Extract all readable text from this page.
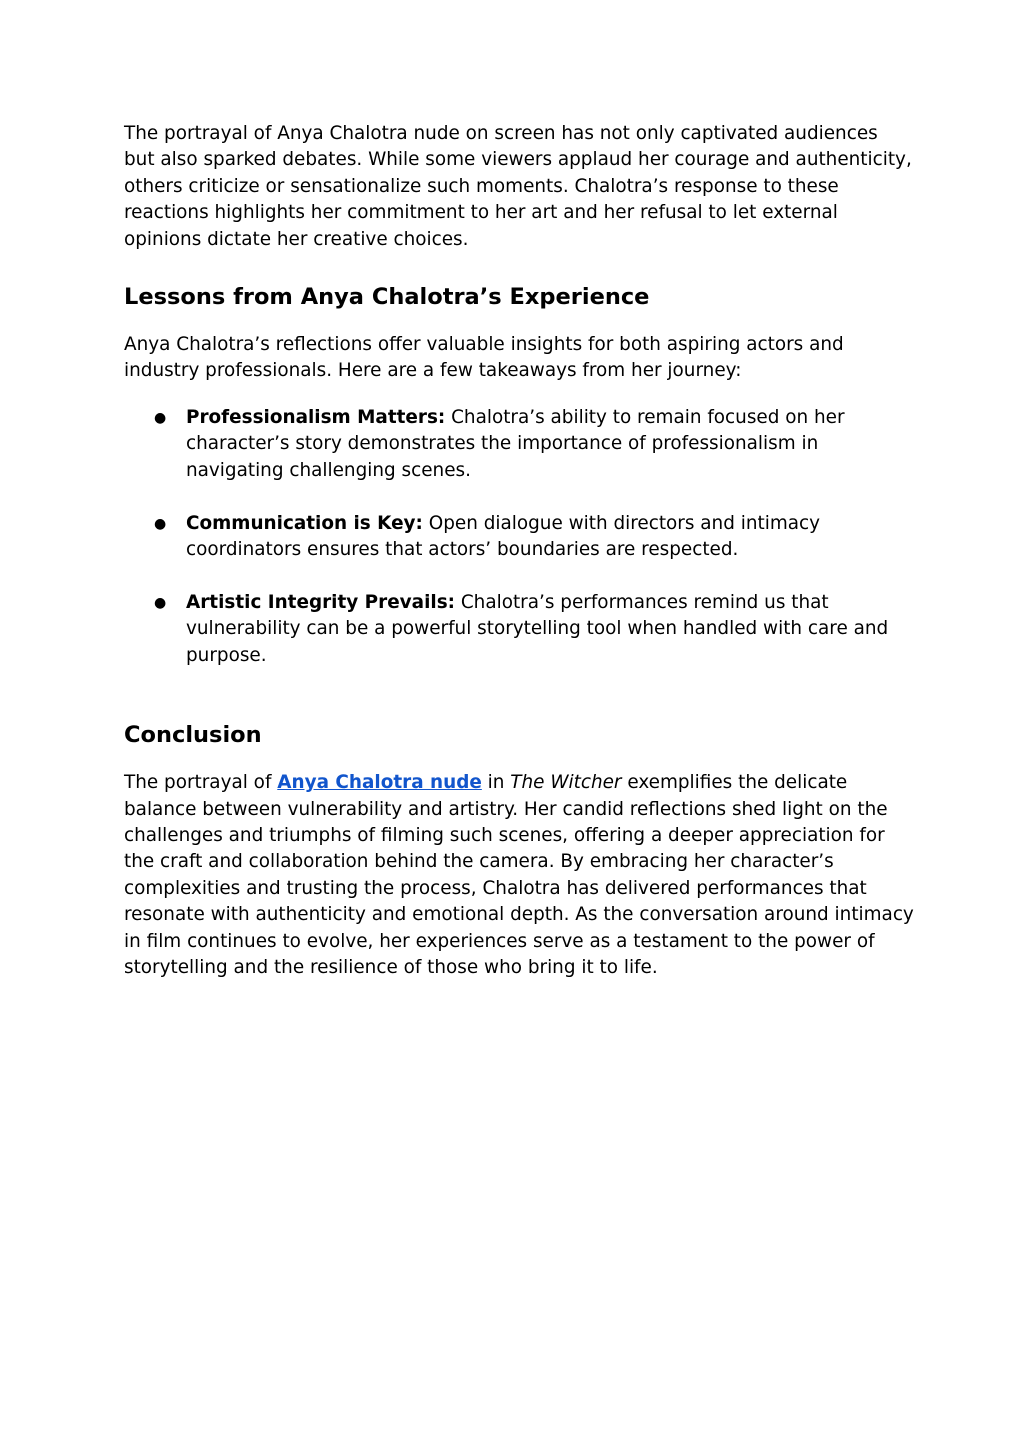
The portrayal of Anya Chalotra nude on screen has not only captivated audiences but also sparked debates. While some viewers applaud her courage and authenticity, others criticize or sensationalize such moments. Chalotra’s response to these reactions highlights her commitment to her art and her refusal to let external opinions dictate her creative choices.

Lessons from Anya Chalotra’s Experience

Anya Chalotra’s reflections offer valuable insights for both aspiring actors and industry professionals. Here are a few takeaways from her journey:

● Professionalism Matters: Chalotra’s ability to remain focused on her character’s story demonstrates the importance of professionalism in navigating challenging scenes.
● Communication is Key: Open dialogue with directors and intimacy coordinators ensures that actors’ boundaries are respected.
● Artistic Integrity Prevails: Chalotra’s performances remind us that vulnerability can be a powerful storytelling tool when handled with care and purpose.
Conclusion

The portrayal of Anya Chalotra nude in The Witcher exemplifies the delicate balance between vulnerability and artistry. Her candid reflections shed light on the challenges and triumphs of filming such scenes, offering a deeper appreciation for the craft and collaboration behind the camera. By embracing her character’s complexities and trusting the process, Chalotra has delivered performances that resonate with authenticity and emotional depth. As the conversation around intimacy in film continues to evolve, her experiences serve as a testament to the power of storytelling and the resilience of those who bring it to life.
